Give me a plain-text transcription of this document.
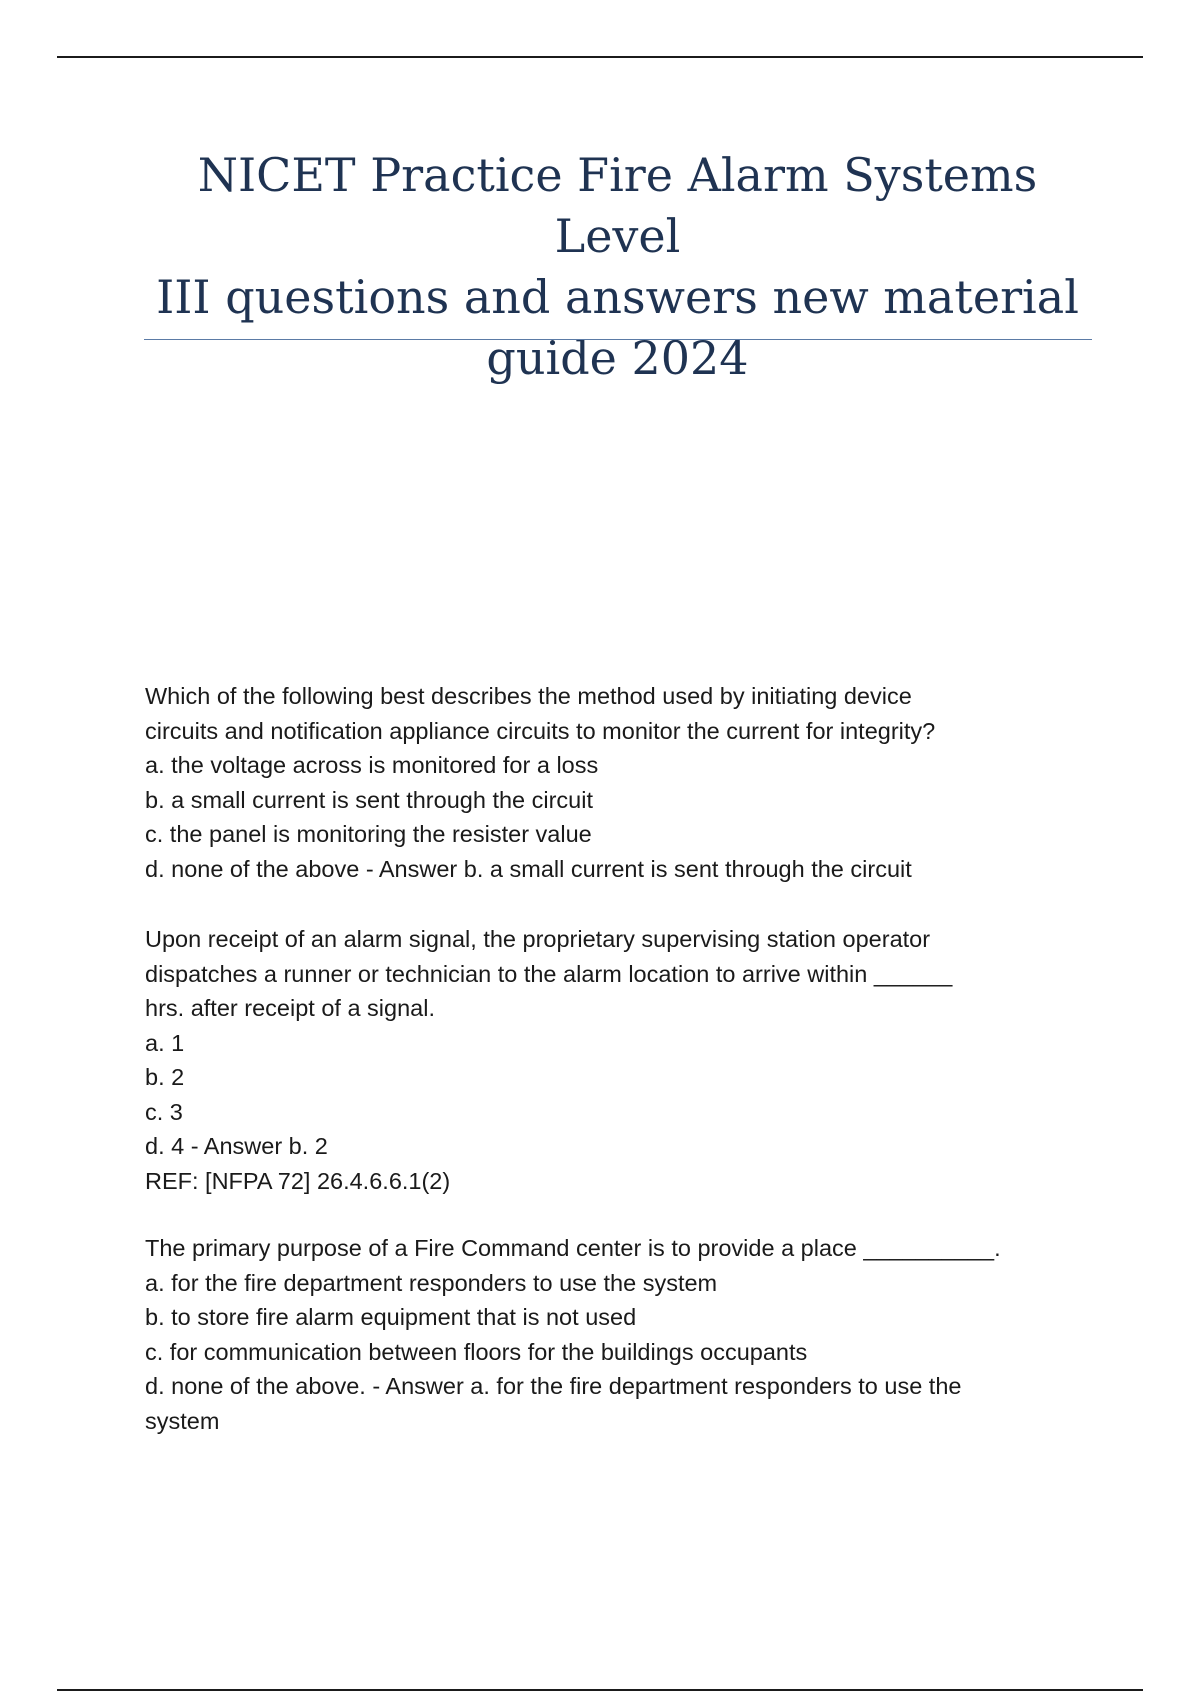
NICET Practice Fire Alarm Systems Level
III questions and answers new material
guide 2024
Which of the following best describes the method used by initiating device
circuits and notification appliance circuits to monitor the current for integrity?
a. the voltage across is monitored for a loss
b. a small current is sent through the circuit
c. the panel is monitoring the resister value
d. none of the above - Answer b. a small current is sent through the circuit
Upon receipt of an alarm signal, the proprietary supervising station operator
dispatches a runner or technician to the alarm location to arrive within ______
hrs. after receipt of a signal.
a. 1
b. 2
c. 3
d. 4 - Answer b. 2
REF: [NFPA 72] 26.4.6.6.1(2)
The primary purpose of a Fire Command center is to provide a place __________.
a. for the fire department responders to use the system
b. to store fire alarm equipment that is not used
c. for communication between floors for the buildings occupants
d. none of the above. - Answer a. for the fire department responders to use the
system
